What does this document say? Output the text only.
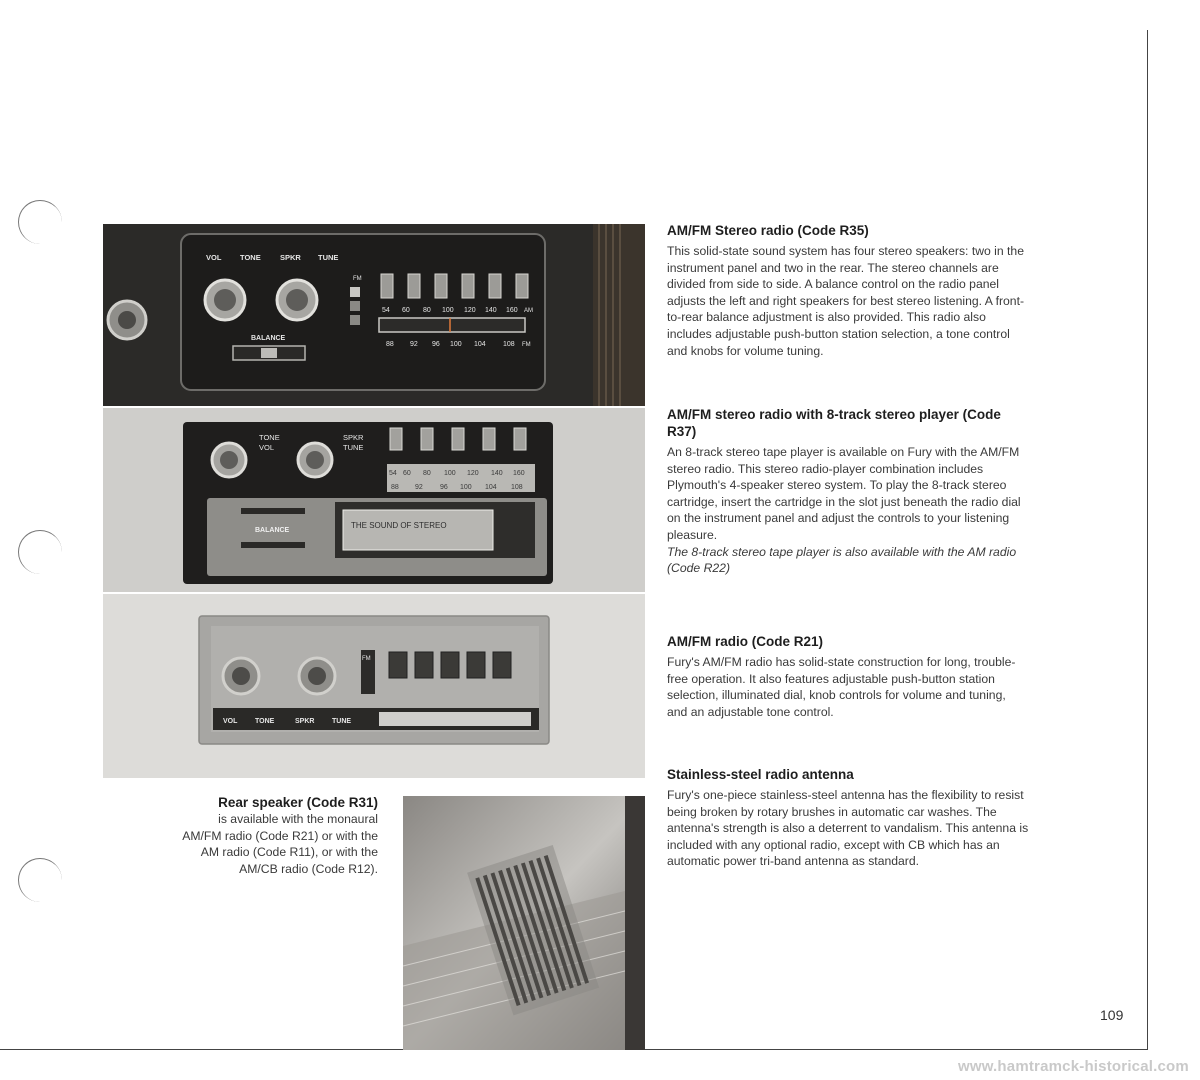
VOL TONE	SPKR TUNE
FM
54 60 80 100 120 140 160 AM
88 92 96 100 104 108 FM
BALANCE
TONE
VOL
SPKR
TUNE
54 60 80 100 120 140 160
88 92 96 100 104 108
BALANCE
THE SOUND OF STEREO
FM
VOL	TONE	SPKR	TUNE
AM/FM Stereo radio (Code R35)

This solid-state sound system has four stereo speakers: two in the instrument panel and two in the rear. The stereo channels are divided from side to side. A balance control on the radio panel adjusts the left and right speakers for best stereo listening. A front-to-rear balance adjustment is also provided. This radio also includes adjustable push-button station selection, a tone control and knobs for volume tuning.

AM/FM stereo radio with 8-track stereo player (Code R37)

An 8-track stereo tape player is available on Fury with the AM/FM stereo radio. This stereo radio-player combination includes Plymouth's 4-speaker stereo system. To play the 8-track stereo cartridge, insert the cartridge in the slot just beneath the radio dial on the instrument panel and adjust the controls to your listening pleasure.

The 8-track stereo tape player is also available with the AM radio (Code R22)

AM/FM radio (Code R21)

Fury's AM/FM radio has solid-state construction for long, trouble-free operation. It also features adjustable push-button station selection, illuminated dial, knob controls for volume and tuning, and an adjustable tone control.

Stainless-steel radio antenna

Fury's one-piece stainless-steel antenna has the flexibility to resist being broken by rotary brushes in automatic car washes. The antenna's strength is also a deterrent to vandalism. This antenna is included with any optional radio, except with CB which has an automatic power tri-band antenna as standard.

Rear speaker (Code R31)

is available with the monaural AM/FM radio (Code R21) or with the AM radio (Code R11), or with the AM/CB radio (Code R12).

109
www.hamtramck-historical.com
